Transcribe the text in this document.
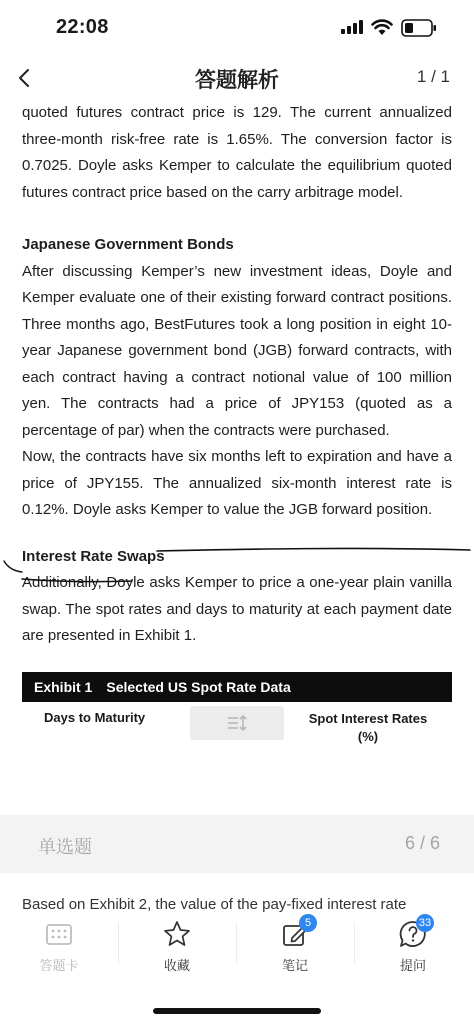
22:08
答题解析	1 / 1

quoted futures contract price is 129. The current annualized three-month risk-free rate is 1.65%. The conversion factor is 0.7025. Doyle asks Kemper to calculate the equilibrium quoted futures contract price based on the carry arbitrage model.

Japanese Government Bonds

After discussing Kemper’s new investment ideas, Doyle and Kemper evaluate one of their existing forward contract positions. Three months ago, BestFutures took a long position in eight 10-year Japanese government bond (JGB) forward contracts, with each contract having a contract notional value of 100 million yen. The contracts had a price of JPY153 (quoted as a percentage of par) when the contracts were purchased.

Now, the contracts have six months left to expiration and have a price of JPY155. The annualized six-month interest rate is 0.12%. Doyle asks Kemper to value the JGB forward position.

Interest Rate Swaps

Additionally, Doyle asks Kemper to price a one-year plain vanilla swap. The spot rates and days to maturity at each payment date are presented in Exhibit 1.

Exhibit 1 Selected US Spot Rate Data
Days to Maturity	Spot Interest Rates
(%)
单选题	6 / 6
Based on Exhibit 2, the value of the pay-fixed interest rate
答题卡	收藏
5
笔记
33
提问
